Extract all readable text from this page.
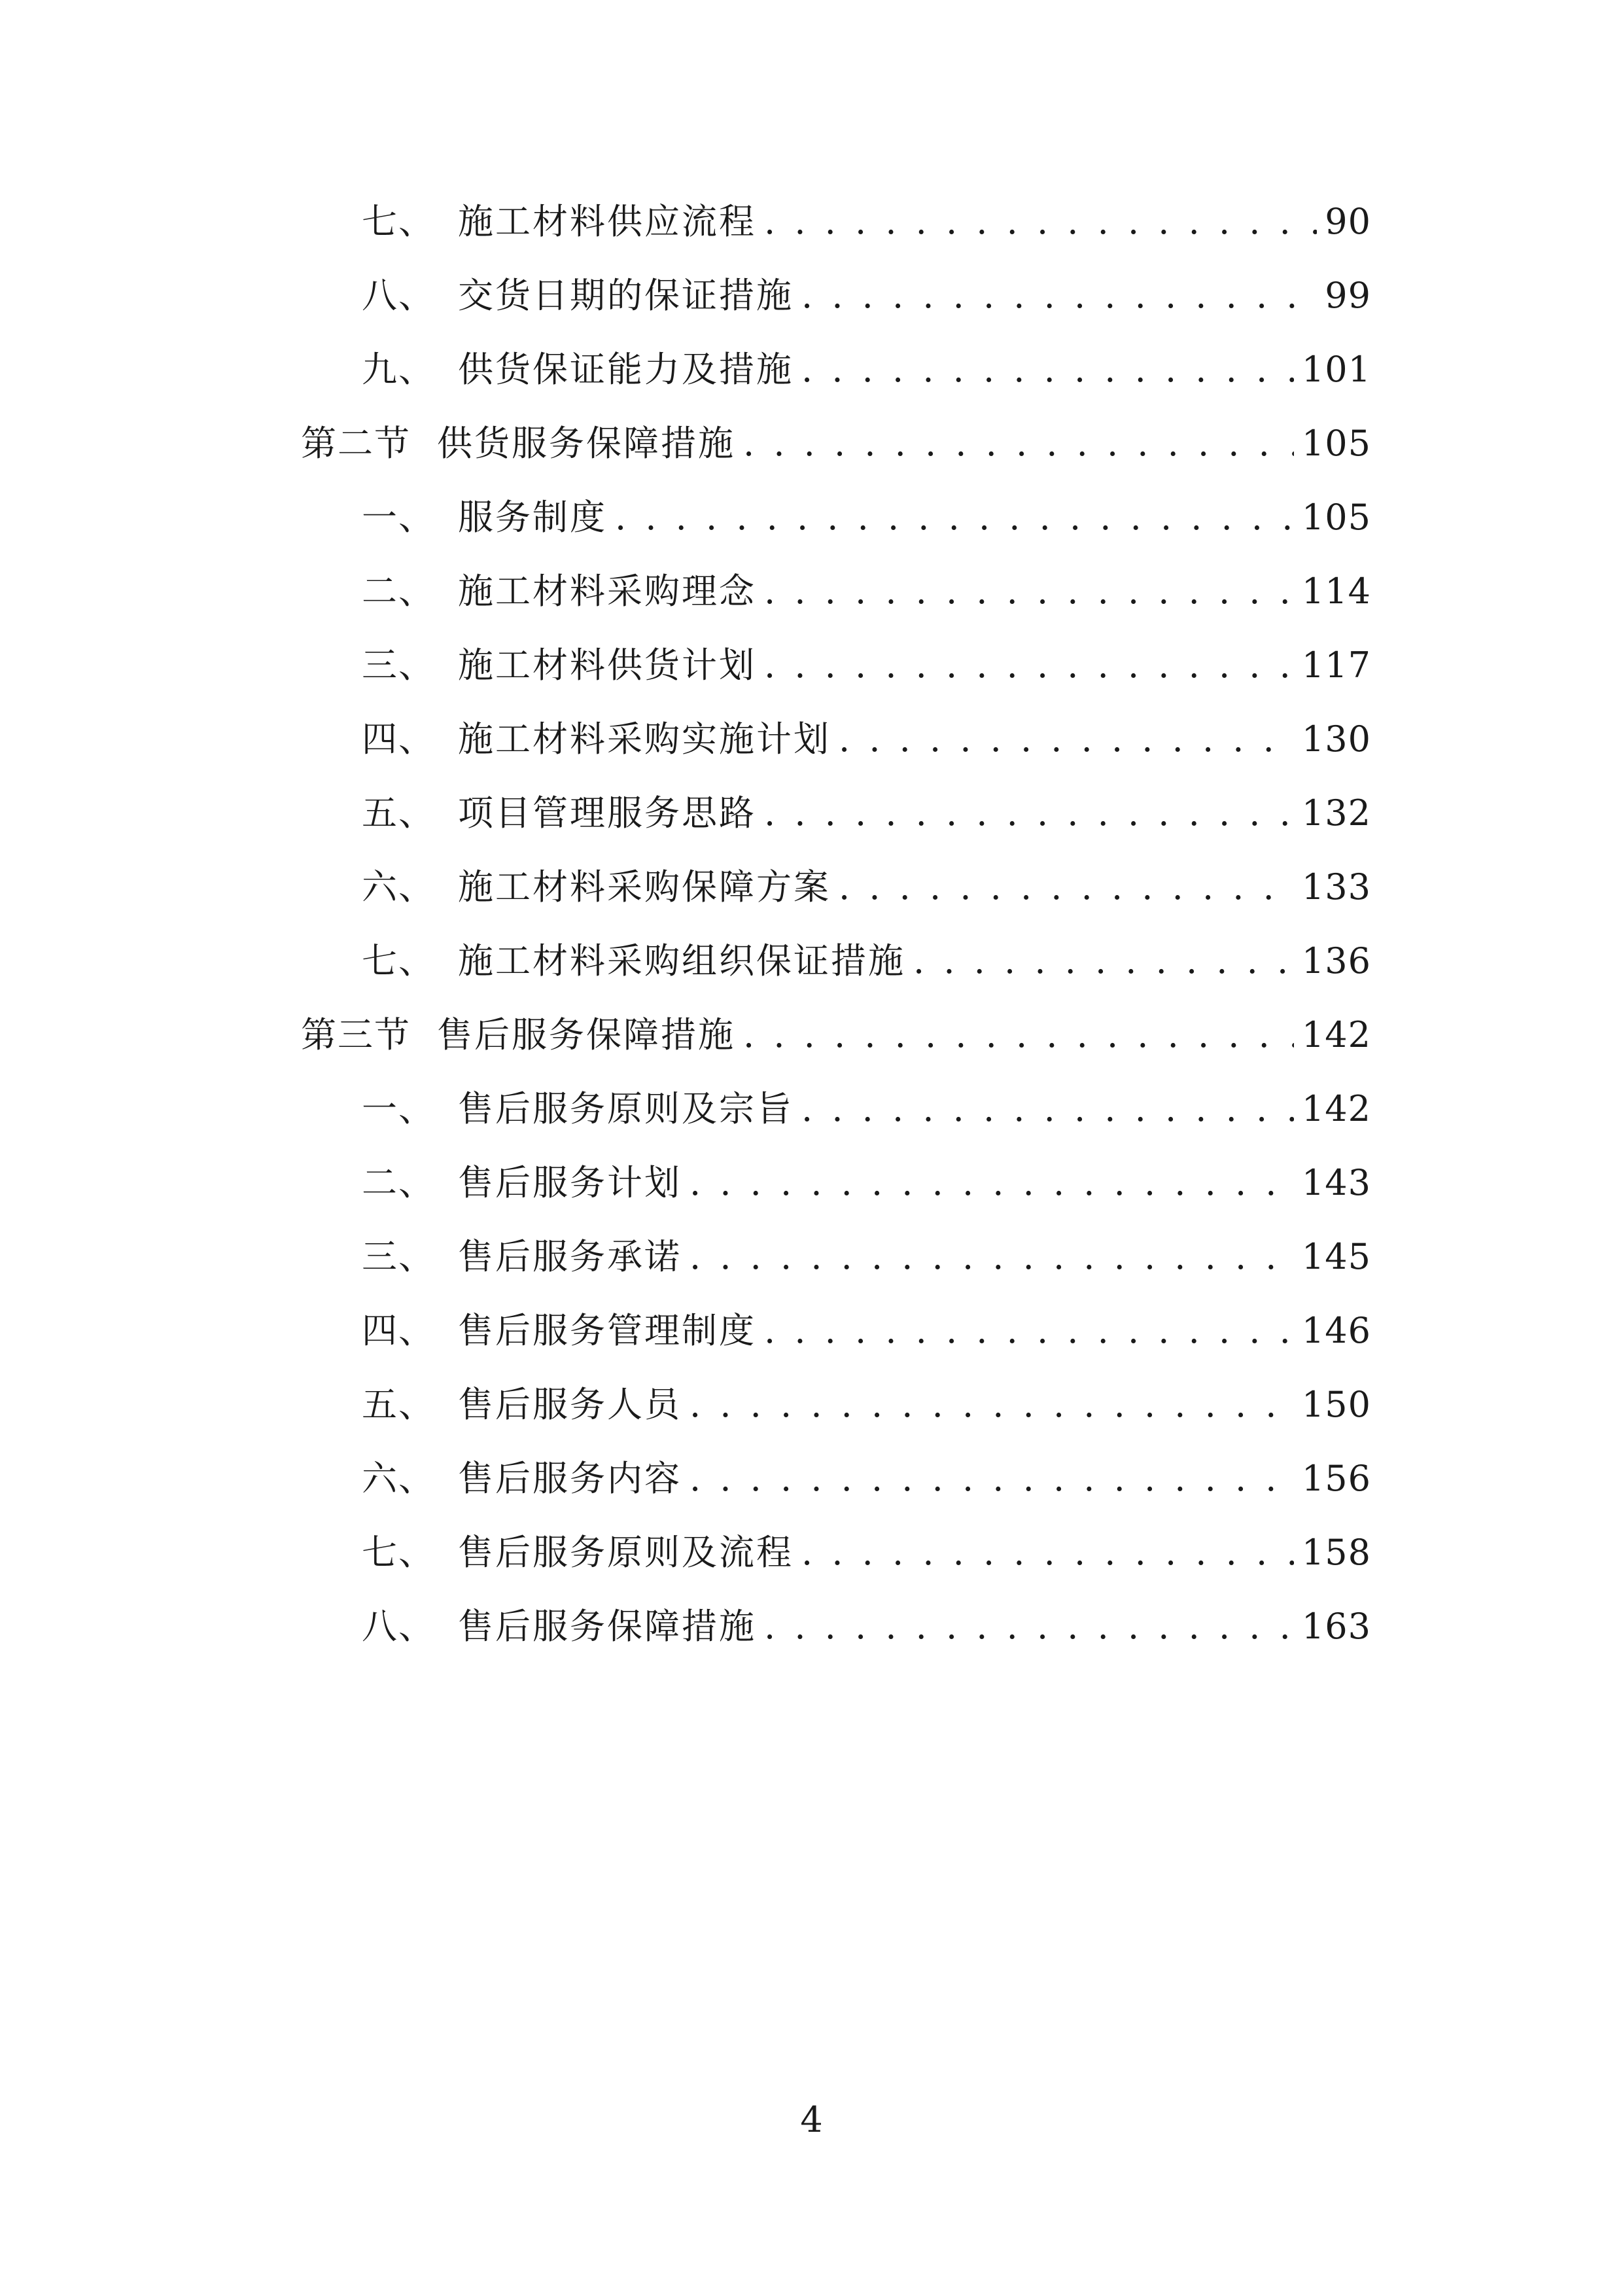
七、 施工材料供应流程 . . .	90
八、 交货日期的保证措施 . . .	99
九、 供货保证能力及措施 . . .	101
第二节 供货服务保障措施 . . .	105
一、 服务制度 . . .	105
二、 施工材料采购理念 . . .	114
三、 施工材料供货计划 . . .	117
四、 施工材料采购实施计划 . . .	130
五、 项目管理服务思路 . . .	132
六、 施工材料采购保障方案 . . .	133
七、 施工材料采购组织保证措施 . . .	136
第三节 售后服务保障措施 . . .	142
一、 售后服务原则及宗旨 . . .	142
二、 售后服务计划 . . .	143
三、 售后服务承诺 . . .	145
四、 售后服务管理制度 . . .	146
五、 售后服务人员 . . .	150
六、 售后服务内容 . . .	156
七、 售后服务原则及流程 . . .	158
八、 售后服务保障措施 . . .	163
4
